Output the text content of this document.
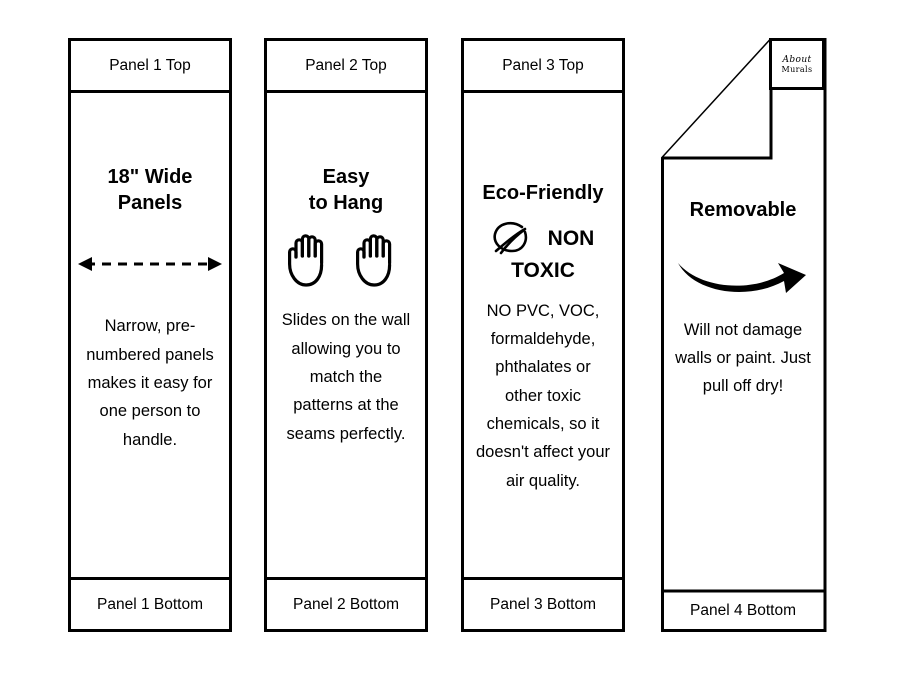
Panel 1 Top
18" Wide
Panels
Narrow, pre-numbered panels makes it easy for one person to handle.
Panel 1 Bottom
Panel 2 Top
Easy
to Hang
Slides on the wall allowing you to match the patterns at the seams perfectly.
Panel 2 Bottom
Panel 3 Top
Eco-Friendly
NON
TOXIC
NO PVC, VOC, formaldehyde, phthalates or other toxic chemicals, so it doesn't affect your air quality.
Panel 3 Bottom
About
Murals
Removable
Will not damage walls or paint. Just pull off dry!
Panel 4 Bottom
